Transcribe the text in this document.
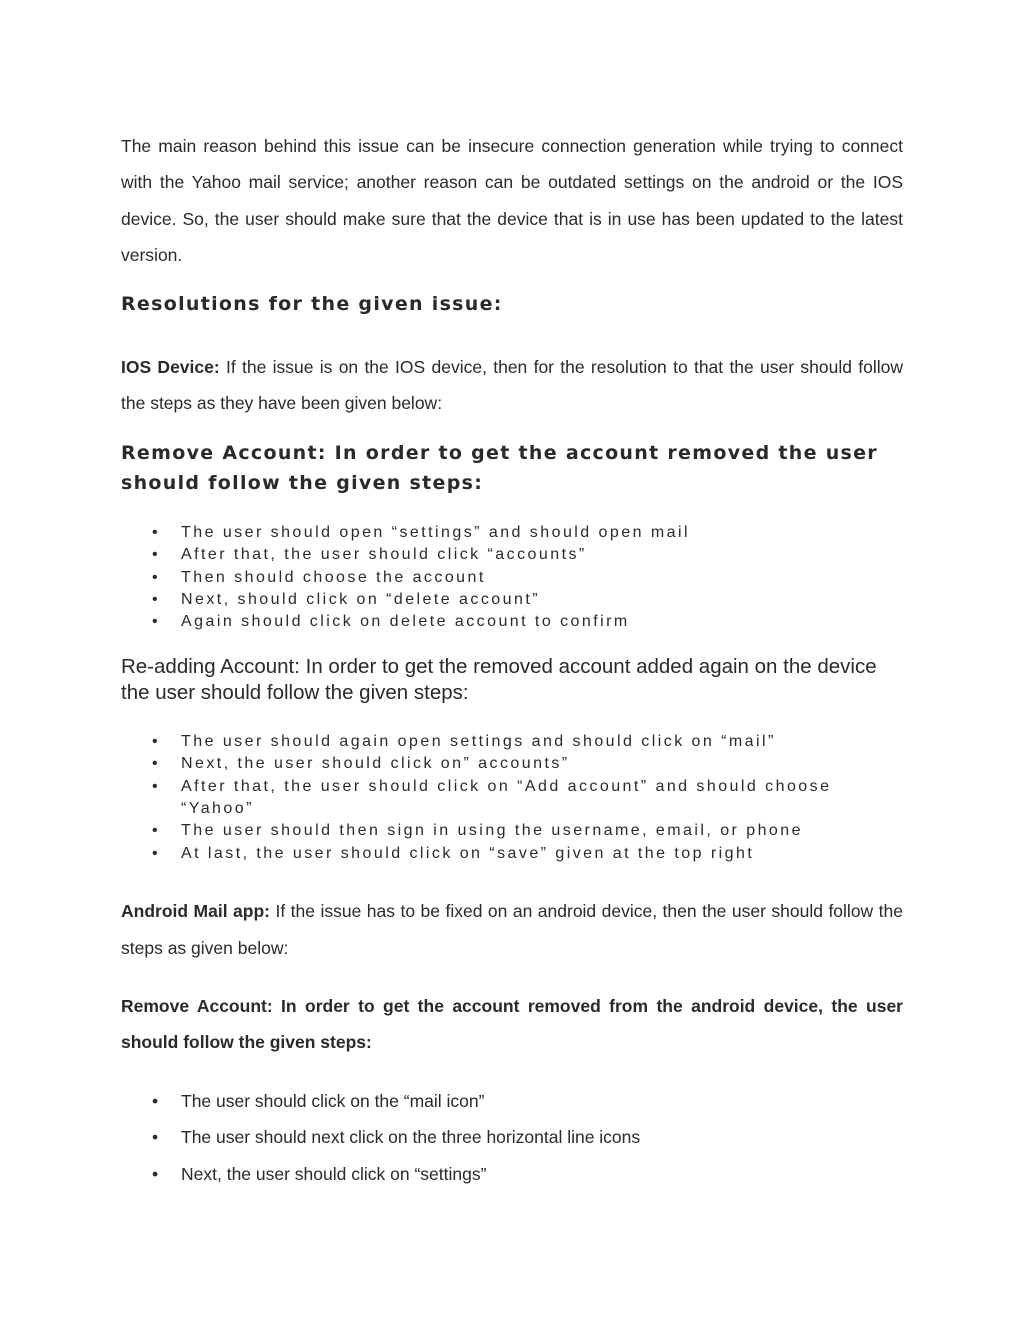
The main reason behind this issue can be insecure connection generation while trying to connect with the Yahoo mail service; another reason can be outdated settings on the android or the IOS device. So, the user should make sure that the device that is in use has been updated to the latest version.

Resolutions for the given issue:

IOS Device: If the issue is on the IOS device, then for the resolution to that the user should follow the steps as they have been given below:

Remove Account: In order to get the account removed the user should follow the given steps:
• The user should open “settings” and should open mail
• After that, the user should click “accounts”
• Then should choose the account
• Next, should click on “delete account”
• Again should click on delete account to confirm

Re-adding Account: In order to get the removed account added again on the device the user should follow the given steps:

• The user should again open settings and should click on “mail”
• Next, the user should click on” accounts”
• After that, the user should click on “Add account” and should choose “Yahoo”
• The user should then sign in using the username, email, or phone
• At last, the user should click on “save” given at the top right

Android Mail app: If the issue has to be fixed on an android device, then the user should follow the steps as given below:

Remove Account: In order to get the account removed from the android device, the user should follow the given steps:

• The user should click on the “mail icon”
• The user should next click on the three horizontal line icons
• Next, the user should click on “settings”
